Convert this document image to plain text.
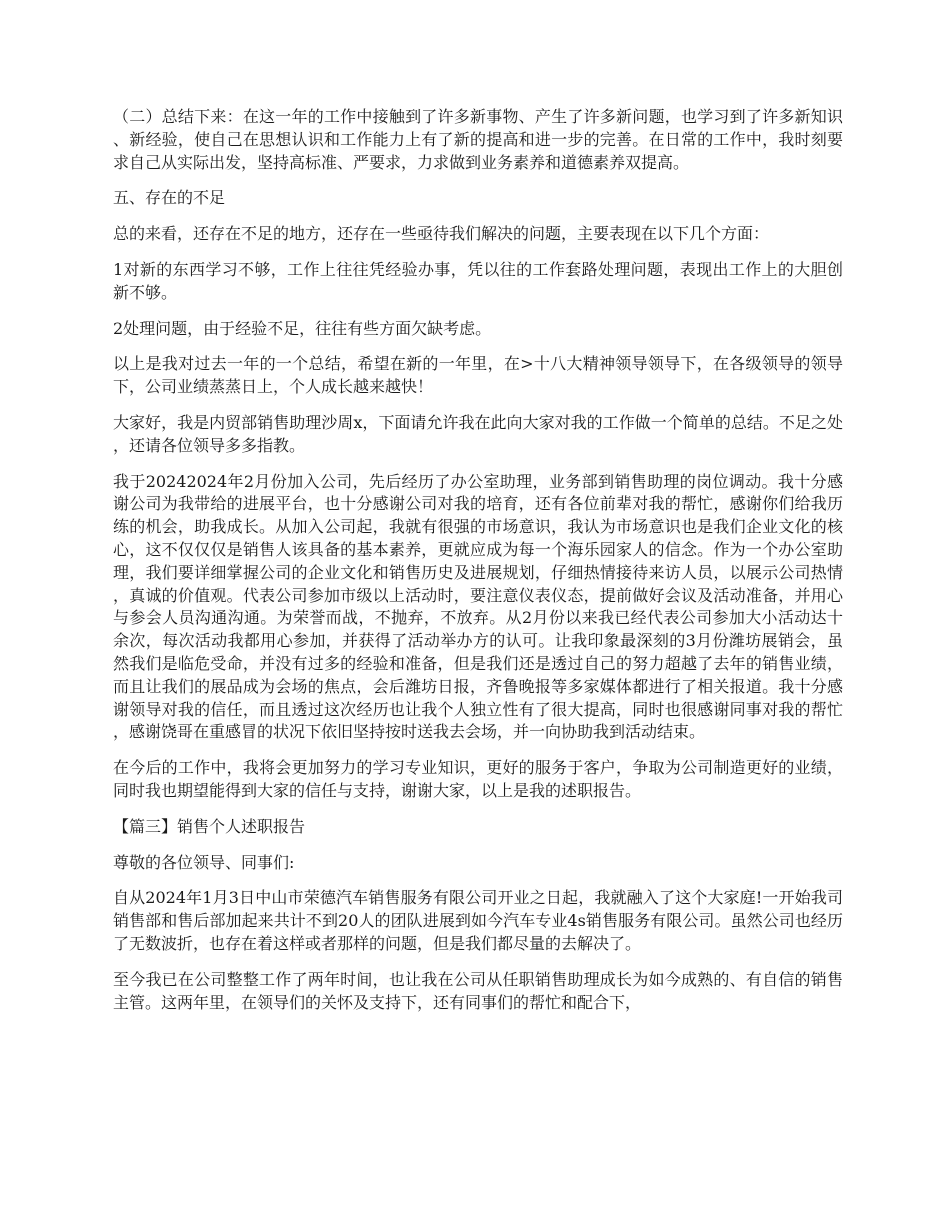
（二）总结下来：在这一年的工作中接触到了许多新事物、产生了许多新问题，也学习到了许多新知识、新经验，使自己在思想认识和工作能力上有了新的提高和进一步的完善。在日常的工作中，我时刻要求自己从实际出发，坚持高标准、严要求，力求做到业务素养和道德素养双提高。

五、存在的不足

总的来看，还存在不足的地方，还存在一些亟待我们解决的问题，主要表现在以下几个方面：

1对新的东西学习不够，工作上往往凭经验办事，凭以往的工作套路处理问题，表现出工作上的大胆创新不够。

2处理问题，由于经验不足，往往有些方面欠缺考虑。

以上是我对过去一年的一个总结，希望在新的一年里，在>十八大精神领导领导下，在各级领导的领导下，公司业绩蒸蒸日上，个人成长越来越快！

大家好，我是内贸部销售助理沙周x，下面请允许我在此向大家对我的工作做一个简单的总结。不足之处，还请各位领导多多指教。

我于20242024年2月份加入公司，先后经历了办公室助理，业务部到销售助理的岗位调动。我十分感谢公司为我带给的进展平台，也十分感谢公司对我的培育，还有各位前辈对我的帮忙，感谢你们给我历练的机会，助我成长。从加入公司起，我就有很强的市场意识，我认为市场意识也是我们企业文化的核心，这不仅仅仅是销售人该具备的基本素养，更就应成为每一个海乐园家人的信念。作为一个办公室助理，我们要详细掌握公司的企业文化和销售历史及进展规划，仔细热情接待来访人员，以展示公司热情，真诚的价值观。代表公司参加市级以上活动时，要注意仪表仪态，提前做好会议及活动准备，并用心与参会人员沟通沟通。为荣誉而战，不抛弃，不放弃。从2月份以来我已经代表公司参加大小活动达十余次，每次活动我都用心参加，并获得了活动举办方的认可。让我印象最深刻的3月份潍坊展销会，虽然我们是临危受命，并没有过多的经验和准备，但是我们还是透过自己的努力超越了去年的销售业绩，而且让我们的展品成为会场的焦点，会后潍坊日报，齐鲁晚报等多家媒体都进行了相关报道。我十分感谢领导对我的信任，而且透过这次经历也让我个人独立性有了很大提高，同时也很感谢同事对我的帮忙，感谢饶哥在重感冒的状况下依旧坚持按时送我去会场，并一向协助我到活动结束。

在今后的工作中，我将会更加努力的学习专业知识，更好的服务于客户，争取为公司制造更好的业绩，同时我也期望能得到大家的信任与支持，谢谢大家，以上是我的述职报告。

【篇三】销售个人述职报告

尊敬的各位领导、同事们:

自从2024年1月3日中山市荣德汽车销售服务有限公司开业之日起，我就融入了这个大家庭!一开始我司销售部和售后部加起来共计不到20人的团队进展到如今汽车专业4s销售服务有限公司。虽然公司也经历了无数波折，也存在着这样或者那样的问题，但是我们都尽量的去解决了。

至今我已在公司整整工作了两年时间，也让我在公司从任职销售助理成长为如今成熟的、有自信的销售主管。这两年里，在领导们的关怀及支持下，还有同事们的帮忙和配合下，
